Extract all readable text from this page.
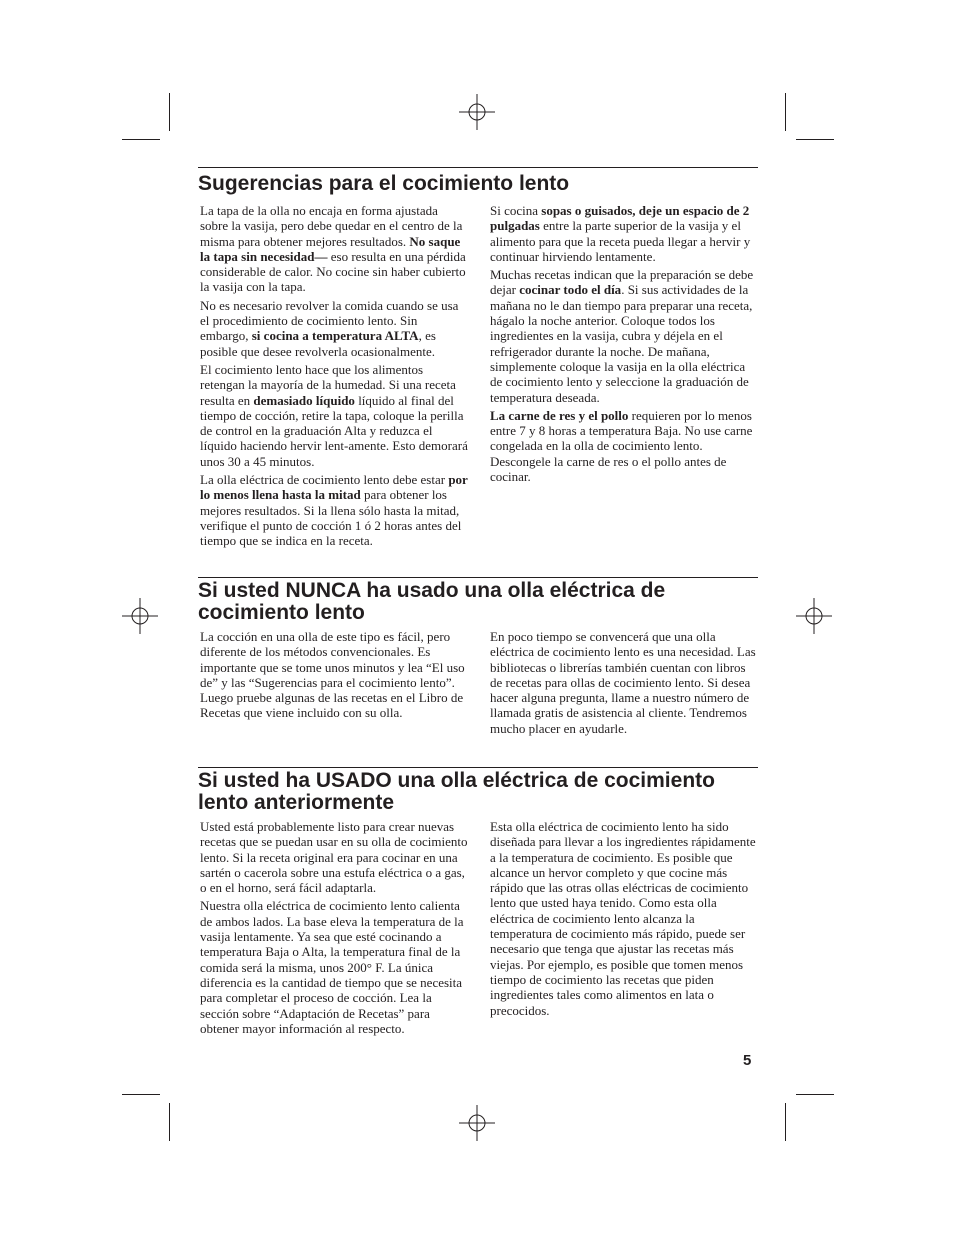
Sugerencias para el cocimiento lento

La tapa de la olla no encaja en forma ajustada sobre la vasija, pero debe quedar en el centro de la misma para obtener mejores resultados. No saque la tapa sin necesidad— eso resulta en una pérdida considerable de calor. No cocine sin haber cubierto la vasija con la tapa.

No es necesario revolver la comida cuando se usa el procedimiento de cocimiento lento. Sin embargo, si cocina a temperatura ALTA, es posible que desee revolverla ocasionalmente.

El cocimiento lento hace que los alimentos retengan la mayoría de la humedad. Si una receta resulta en demasiado líquido líquido al final del tiempo de cocción, retire la tapa, coloque la perilla de control en la graduación Alta y reduzca el líquido haciendo hervir lent-amente. Esto demorará unos 30 a 45 minutos.

La olla eléctrica de cocimiento lento debe estar por lo menos llena hasta la mitad para obtener los mejores resultados. Si la llena sólo hasta la mitad, verifique el punto de cocción 1 ó 2 horas antes del tiempo que se indica en la receta.

Si cocina sopas o guisados, deje un espacio de 2 pulgadas entre la parte superior de la vasija y el alimento para que la receta pueda llegar a hervir y continuar hirviendo lentamente.

Muchas recetas indican que la preparación se debe dejar cocinar todo el día. Si sus actividades de la mañana no le dan tiempo para preparar una receta, hágalo la noche anterior. Coloque todos los ingredientes en la vasija, cubra y déjela en el refrigerador durante la noche. De mañana, simplemente coloque la vasija en la olla eléctrica de cocimiento lento y seleccione la graduación de temperatura deseada.

La carne de res y el pollo requieren por lo menos entre 7 y 8 horas a temperatura Baja. No use carne congelada en la olla de cocimiento lento. Descongele la carne de res o el pollo antes de cocinar.

Si usted NUNCA ha usado una olla eléctrica de cocimiento lento

La cocción en una olla de este tipo es fácil, pero diferente de los métodos convencionales. Es importante que se tome unos minutos y lea “El uso de” y las “Sugerencias para el cocimiento lento”. Luego pruebe algunas de las recetas en el Libro de Recetas que viene incluido con su olla.

En poco tiempo se convencerá que una olla eléctrica de cocimiento lento es una necesidad. Las bibliotecas o librerías también cuentan con libros de recetas para ollas de cocimiento lento. Si desea hacer alguna pregunta, llame a nuestro número de llamada gratis de asistencia al cliente. Tendremos mucho placer en ayudarle.

Si usted ha USADO una olla eléctrica de cocimiento lento anteriormente

Usted está probablemente listo para crear nuevas recetas que se puedan usar en su olla de cocimiento lento. Si la receta original era para cocinar en una sartén o cacerola sobre una estufa eléctrica o a gas, o en el horno, será fácil adaptarla.

Nuestra olla eléctrica de cocimiento lento calienta de ambos lados. La base eleva la temperatura de la vasija lentamente. Ya sea que esté cocinando a temperatura Baja o Alta, la temperatura final de la comida será la misma, unos 200° F. La única diferencia es la cantidad de tiempo que se necesita para completar el proceso de cocción. Lea la sección sobre “Adaptación de Recetas” para obtener mayor información al respecto.

Esta olla eléctrica de cocimiento lento ha sido diseñada para llevar a los ingredientes rápidamente a la temperatura de cocimiento. Es posible que alcance un hervor completo y que cocine más rápido que las otras ollas eléctricas de cocimiento lento que usted haya tenido. Como esta olla eléctrica de cocimiento lento alcanza la temperatura de cocimiento más rápido, puede ser necesario que tenga que ajustar las recetas más viejas. Por ejemplo, es posible que tomen menos tiempo de cocimiento las recetas que piden ingredientes tales como alimentos en lata o precocidos.

5
